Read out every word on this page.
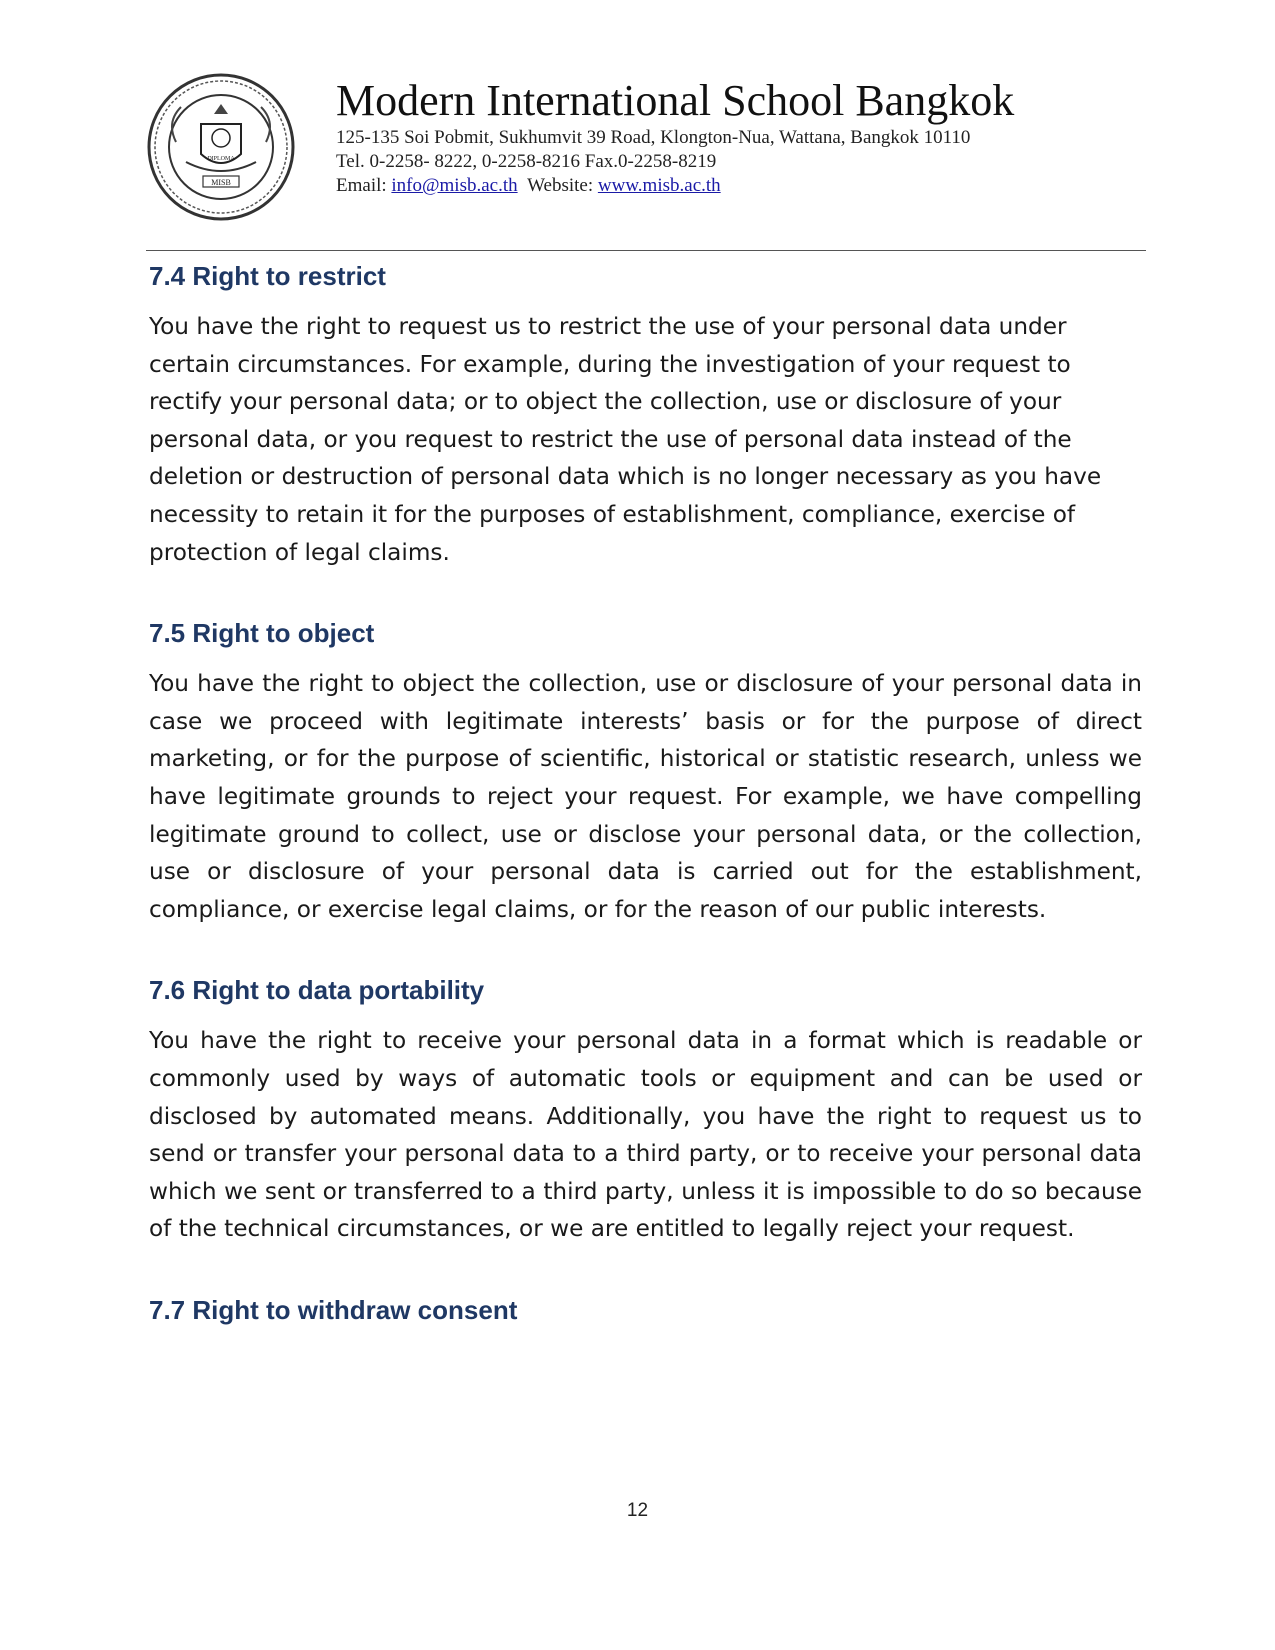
MISB
DIPLOMA
Modern International School Bangkok
125-135 Soi Pobmit, Sukhumvit 39 Road, Klongton-Nua, Wattana, Bangkok 10110
Tel. 0-2258- 8222, 0-2258-8216 Fax.0-2258-8219
Email: info@misb.ac.th Website: www.misb.ac.th
7.4 Right to restrict

You have the right to request us to restrict the use of your personal data under certain circumstances. For example, during the investigation of your request to rectify your personal data; or to object the collection, use or disclosure of your personal data, or you request to restrict the use of personal data instead of the deletion or destruction of personal data which is no longer necessary as you have necessity to retain it for the purposes of establishment, compliance, exercise of protection of legal claims.

7.5 Right to object

You have the right to object the collection, use or disclosure of your personal data in case we proceed with legitimate interests’ basis or for the purpose of direct marketing, or for the purpose of scientific, historical or statistic research, unless we have legitimate grounds to reject your request. For example, we have compelling legitimate ground to collect, use or disclose your personal data, or the collection, use or disclosure of your personal data is carried out for the establishment, compliance, or exercise legal claims, or for the reason of our public interests.

7.6 Right to data portability

You have the right to receive your personal data in a format which is readable or commonly used by ways of automatic tools or equipment and can be used or disclosed by automated means. Additionally, you have the right to request us to send or transfer your personal data to a third party, or to receive your personal data which we sent or transferred to a third party, unless it is impossible to do so because of the technical circumstances, or we are entitled to legally reject your request.

7.7 Right to withdraw consent
12
